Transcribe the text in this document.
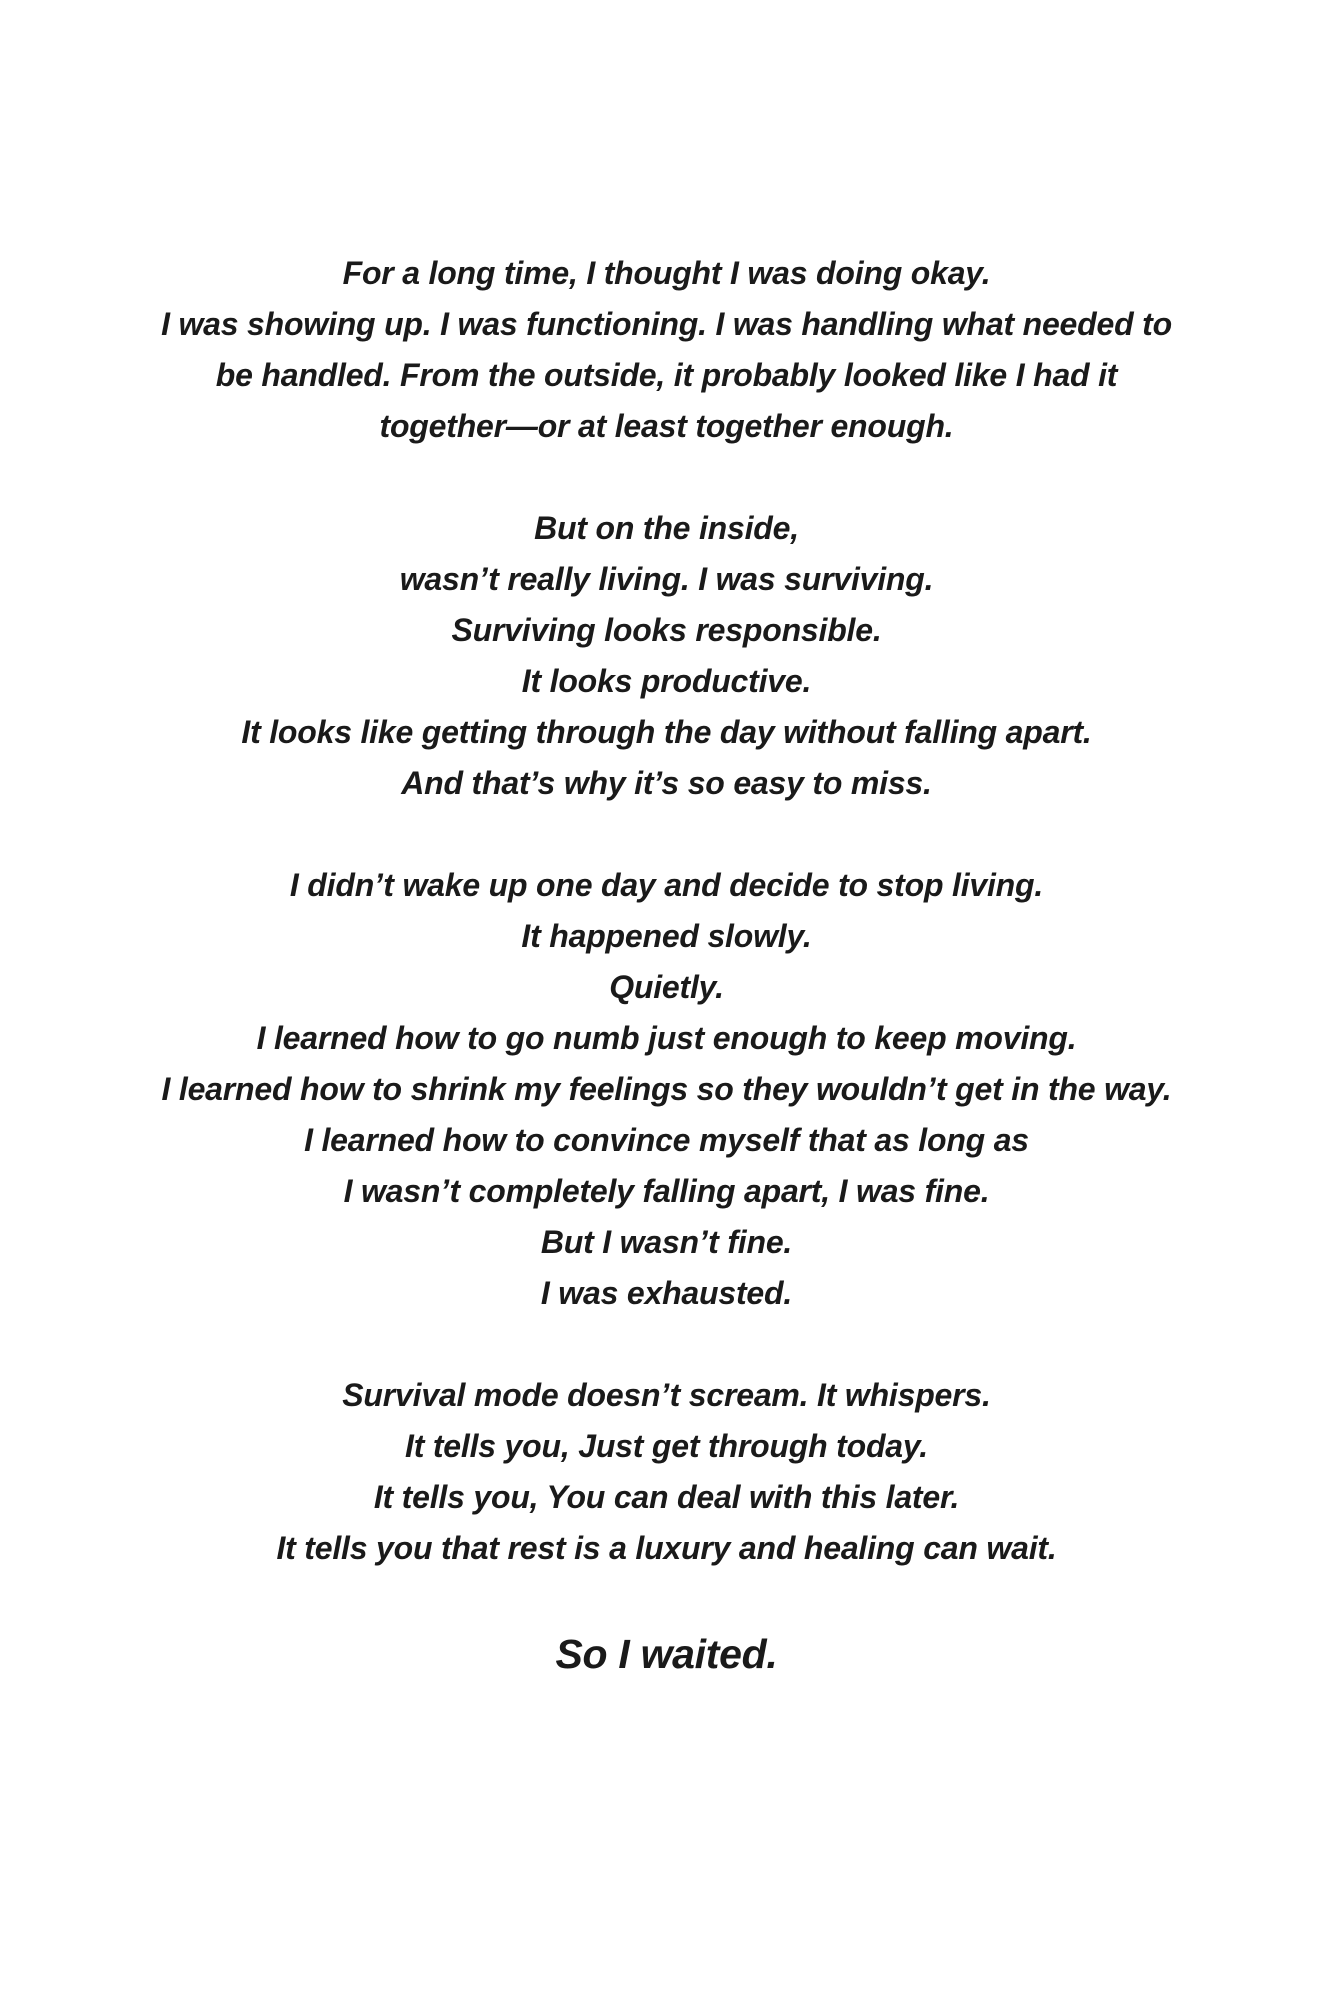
For a long time, I thought I was doing okay.
I was showing up. I was functioning. I was handling what needed to
be handled. From the outside, it probably looked like I had it
together—or at least together enough.

But on the inside,
wasn’t really living. I was surviving.
Surviving looks responsible.
It looks productive.
It looks like getting through the day without falling apart.
And that’s why it’s so easy to miss.

I didn’t wake up one day and decide to stop living.
It happened slowly.
Quietly.
I learned how to go numb just enough to keep moving.
I learned how to shrink my feelings so they wouldn’t get in the way.
I learned how to convince myself that as long as
I wasn’t completely falling apart, I was fine.
But I wasn’t fine.
I was exhausted.

Survival mode doesn’t scream. It whispers.
It tells you, Just get through today.
It tells you, You can deal with this later.
It tells you that rest is a luxury and healing can wait.

So I waited.
